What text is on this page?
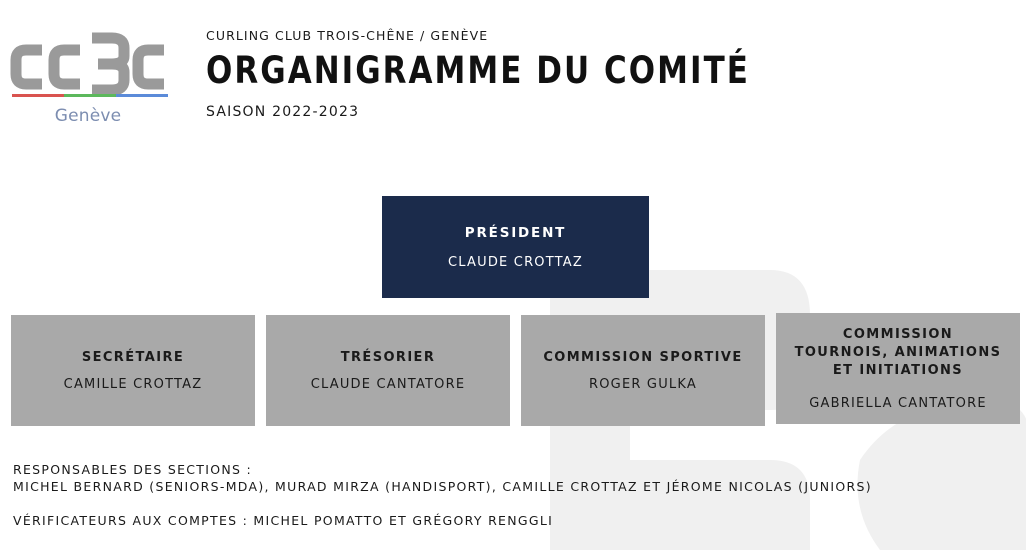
Genève
CURLING CLUB TROIS-CHÊNE / GENÈVE
ORGANIGRAMME DU COMITÉ
SAISON 2022-2023
PRÉSIDENT
CLAUDE CROTTAZ
SECRÉTAIRE
CAMILLE CROTTAZ
TRÉSORIER
CLAUDE CANTATORE
COMMISSION SPORTIVE
ROGER GULKA
COMMISSION
TOURNOIS, ANIMATIONS
ET INITIATIONS
GABRIELLA CANTATORE
RESPONSABLES DES SECTIONS :
MICHEL BERNARD (SENIORS-MDA), MURAD MIRZA (HANDISPORT), CAMILLE CROTTAZ ET JÉROME NICOLAS (JUNIORS)
VÉRIFICATEURS AUX COMPTES : MICHEL POMATTO ET GRÉGORY RENGGLI
